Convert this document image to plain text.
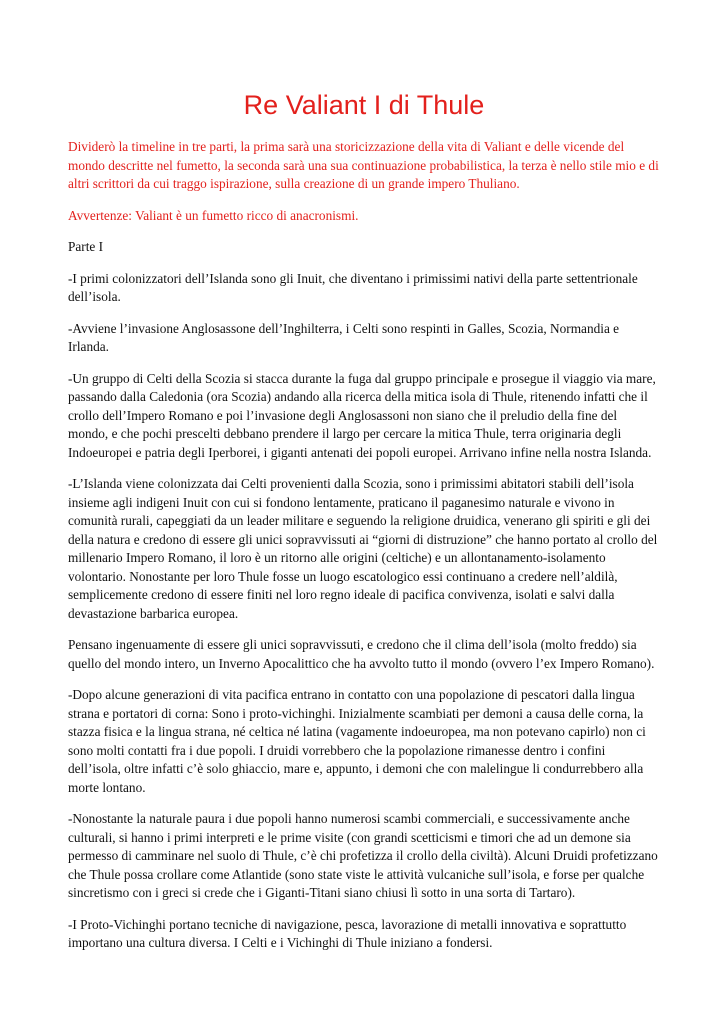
Re Valiant I di Thule

Dividerò la timeline in tre parti, la prima sarà una storicizzazione della vita di Valiant e delle vicende del mondo descritte nel fumetto, la seconda sarà una sua continuazione probabilistica, la terza è nello stile mio e di altri scrittori da cui traggo ispirazione, sulla creazione di un grande impero Thuliano.

Avvertenze: Valiant è un fumetto ricco di anacronismi.

Parte I

-I primi colonizzatori dell’Islanda sono gli Inuit, che diventano i primissimi nativi della parte settentrionale dell’isola.

-Avviene l’invasione Anglosassone dell’Inghilterra, i Celti sono respinti in Galles, Scozia, Normandia e Irlanda.

-Un gruppo di Celti della Scozia si stacca durante la fuga dal gruppo principale e prosegue il viaggio via mare, passando dalla Caledonia (ora Scozia) andando alla ricerca della mitica isola di Thule, ritenendo infatti che il crollo dell’Impero Romano e poi l’invasione degli Anglosassoni non siano che il preludio della fine del mondo, e che pochi prescelti debbano prendere il largo per cercare la mitica Thule, terra originaria degli Indoeuropei e patria degli Iperborei, i giganti antenati dei popoli europei. Arrivano infine nella nostra Islanda.

-L’Islanda viene colonizzata dai Celti provenienti dalla Scozia, sono i primissimi abitatori stabili dell’isola insieme agli indigeni Inuit con cui si fondono lentamente, praticano il paganesimo naturale e vivono in comunità rurali, capeggiati da un leader militare e seguendo la religione druidica, venerano gli spiriti e gli dei della natura e credono di essere gli unici sopravvissuti ai “giorni di distruzione” che hanno portato al crollo del millenario Impero Romano, il loro è un ritorno alle origini (celtiche) e un allontanamento-isolamento volontario. Nonostante per loro Thule fosse un luogo escatologico essi continuano a credere nell’aldilà, semplicemente credono di essere finiti nel loro regno ideale di pacifica convivenza, isolati e salvi dalla devastazione barbarica europea.

Pensano ingenuamente di essere gli unici sopravvissuti, e credono che il clima dell’isola (molto freddo) sia quello del mondo intero, un Inverno Apocalittico che ha avvolto tutto il mondo (ovvero l’ex Impero Romano).

-Dopo alcune generazioni di vita pacifica entrano in contatto con una popolazione di pescatori dalla lingua strana e portatori di corna: Sono i proto-vichinghi. Inizialmente scambiati per demoni a causa delle corna, la stazza fisica e la lingua strana, né celtica né latina (vagamente indoeuropea, ma non potevano capirlo) non ci sono molti contatti fra i due popoli. I druidi vorrebbero che la popolazione rimanesse dentro i confini dell’isola, oltre infatti c’è solo ghiaccio, mare e, appunto, i demoni che con malelingue li condurrebbero alla morte lontano.

-Nonostante la naturale paura i due popoli hanno numerosi scambi commerciali, e successivamente anche culturali, si hanno i primi interpreti e le prime visite (con grandi scetticismi e timori che ad un demone sia permesso di camminare nel suolo di Thule, c’è chi profetizza il crollo della civiltà). Alcuni Druidi profetizzano che Thule possa crollare come Atlantide (sono state viste le attività vulcaniche sull’isola, e forse per qualche sincretismo con i greci si crede che i Giganti-Titani siano chiusi lì sotto in una sorta di Tartaro).

-I Proto-Vichinghi portano tecniche di navigazione, pesca, lavorazione di metalli innovativa e soprattutto importano una cultura diversa. I Celti e i Vichinghi di Thule iniziano a fondersi.
